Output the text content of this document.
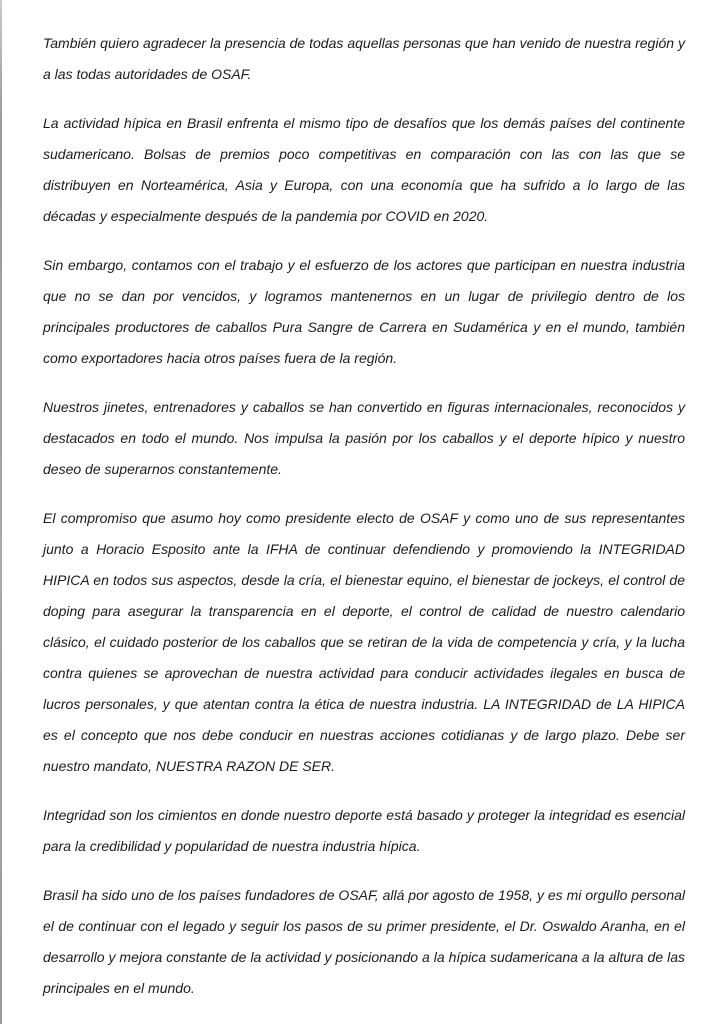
También quiero agradecer la presencia de todas aquellas personas que han venido de nuestra región y a las todas autoridades de OSAF.

La actividad hípica en Brasil enfrenta el mismo tipo de desafíos que los demás países del continente sudamericano. Bolsas de premios poco competitivas en comparación con las con las que se distribuyen en Norteamérica, Asia y Europa, con una economía que ha sufrido a lo largo de las décadas y especialmente después de la pandemia por COVID en 2020.

Sin embargo, contamos con el trabajo y el esfuerzo de los actores que participan en nuestra industria que no se dan por vencidos, y logramos mantenernos en un lugar de privilegio dentro de los principales productores de caballos Pura Sangre de Carrera en Sudamérica y en el mundo, también como exportadores hacia otros países fuera de la región.

Nuestros jinetes, entrenadores y caballos se han convertido en figuras internacionales, reconocidos y destacados en todo el mundo. Nos impulsa la pasión por los caballos y el deporte hípico y nuestro deseo de superarnos constantemente.

El compromiso que asumo hoy como presidente electo de OSAF y como uno de sus representantes junto a Horacio Esposito ante la IFHA de continuar defendiendo y promoviendo la INTEGRIDAD HIPICA en todos sus aspectos, desde la cría, el bienestar equino, el bienestar de jockeys, el control de doping para asegurar la transparencia en el deporte, el control de calidad de nuestro calendario clásico, el cuidado posterior de los caballos que se retiran de la vida de competencia y cría, y la lucha contra quienes se aprovechan de nuestra actividad para conducir actividades ilegales en busca de lucros personales, y que atentan contra la ética de nuestra industria. LA INTEGRIDAD de LA HIPICA es el concepto que nos debe conducir en nuestras acciones cotidianas y de largo plazo. Debe ser nuestro mandato, NUESTRA RAZON DE SER.

Integridad son los cimientos en donde nuestro deporte está basado y proteger la integridad es esencial para la credibilidad y popularidad de nuestra industria hípica.

Brasil ha sido uno de los países fundadores de OSAF, allá por agosto de 1958, y es mi orgullo personal el de continuar con el legado y seguir los pasos de su primer presidente, el Dr. Oswaldo Aranha, en el desarrollo y mejora constante de la actividad y posicionando a la hípica sudamericana a la altura de las principales en el mundo.
